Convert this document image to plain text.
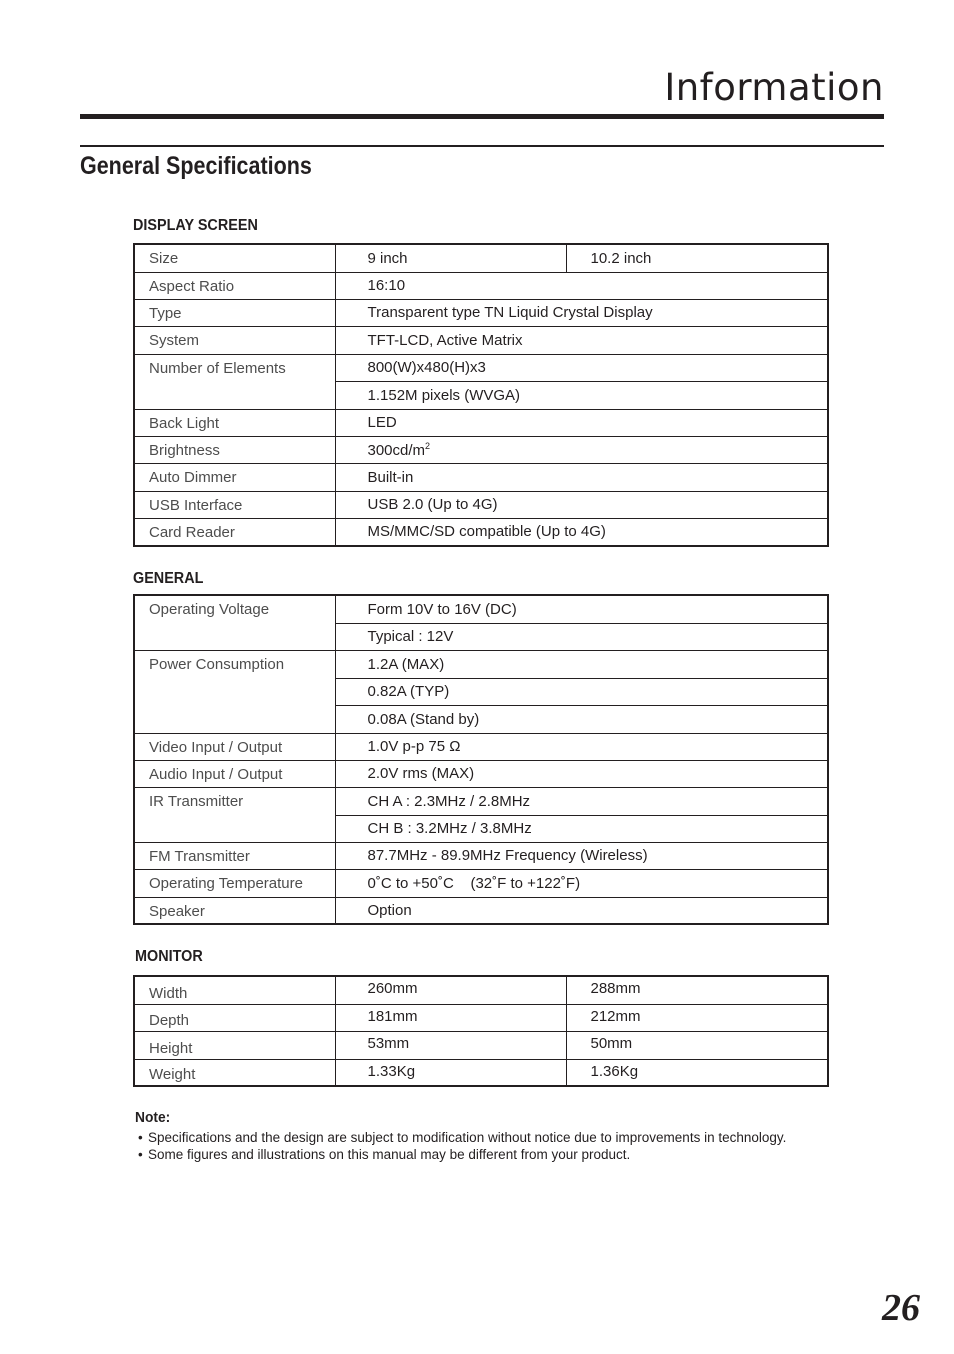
Information
General Specifications
DISPLAY SCREEN
Size	9 inch	10.2 inch
Aspect Ratio	16:10	
Type	Transparent type TN Liquid Crystal Display	
System	TFT-LCD, Active Matrix	
Number of Elements	800(W)x480(H)x3	
	1.152M pixels (WVGA)	
Back Light	LED	
Brightness	$300cd/m^2$
Auto Dimmer	Built-in	
USB Interface	USB 2.0 (Up to 4G)	
Card Reader	MS/MMC/SD compatible (Up to 4G)	
GENERAL
Operating Voltage	Form 10V to 16V (DC)
	Typical : 12V
Power Consumption	1.2A (MAX)
	0.82A (TYP)
	0.08A (Stand by)
Video Input / Output	1.0V p-p 75 Ω
Audio Input / Output	2.0V rms (MAX)
IR Transmitter	CH A : 2.3MHz / 2.8MHz
	CH B : 3.2MHz / 3.8MHz
FM Transmitter	87.7MHz - 89.9MHz Frequency (Wireless)
Operating Temperature	0˚C to +50˚C    (32˚F to +122˚F)
Speaker	Option
MONITOR
Width	260mm	288mm
Depth	181mm	212mm
Height	53mm	50mm
Weight	1.33Kg	1.36Kg
Note:
• Specifications and the design are subject to modification without notice due to improvements in technology.
• Some figures and illustrations on this manual may be different from your product.
26
